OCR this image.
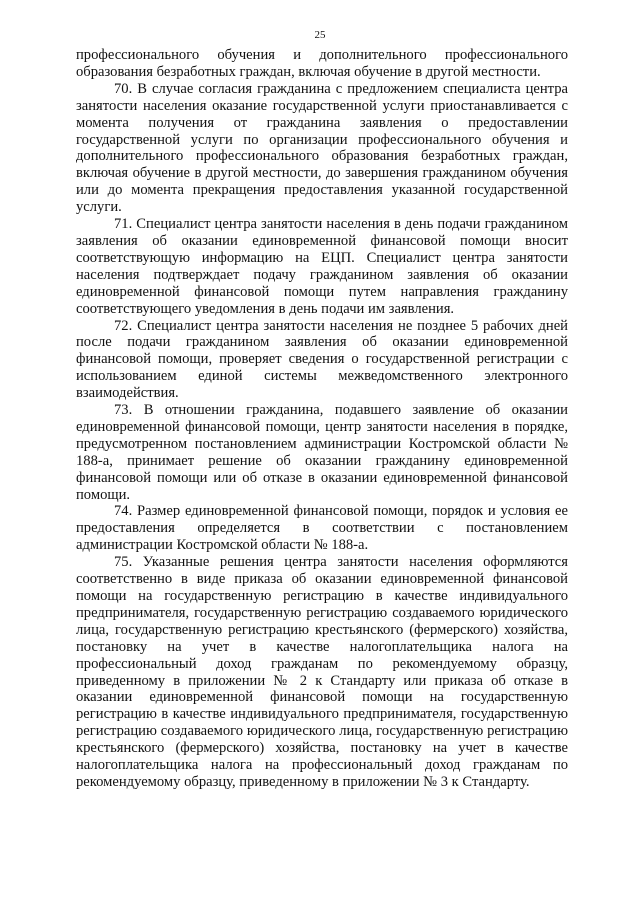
25

профессионального обучения и дополнительного профессионального образования безработных граждан, включая обучение в другой местности.

70. В случае согласия гражданина с предложением специалиста центра занятости населения оказание государственной услуги приостанавливается с момента получения от гражданина заявления о предоставлении государственной услуги по организации профессионального обучения и дополнительного профессионального образования безработных граждан, включая обучение в другой местности, до завершения гражданином обучения или до момента прекращения предоставления указанной государственной услуги.

71. Специалист центра занятости населения в день подачи гражданином заявления об оказании единовременной финансовой помощи вносит соответствующую информацию на ЕЦП. Специалист центра занятости населения подтверждает подачу гражданином заявления об оказании единовременной финансовой помощи путем направления гражданину соответствующего уведомления в день подачи им заявления.

72. Специалист центра занятости населения не позднее 5 рабочих дней после подачи гражданином заявления об оказании единовременной финансовой помощи, проверяет сведения о государственной регистрации с использованием единой системы межведомственного электронного взаимодействия.

73. В отношении гражданина, подавшего заявление об оказании единовременной финансовой помощи, центр занятости населения в порядке, предусмотренном постановлением администрации Костромской области № 188-а, принимает решение об оказании гражданину единовременной финансовой помощи или об отказе в оказании единовременной финансовой помощи.

74. Размер единовременной финансовой помощи, порядок и условия ее предоставления определяется в соответствии с постановлением администрации Костромской области № 188-а.

75. Указанные решения центра занятости населения оформляются соответственно в виде приказа об оказании единовременной финансовой помощи на государственную регистрацию в качестве индивидуального предпринимателя, государственную регистрацию создаваемого юридического лица, государственную регистрацию крестьянского (фермерского) хозяйства, постановку на учет в качестве налогоплательщика налога на профессиональный доход гражданам по рекомендуемому образцу, приведенному в приложении № 2 к Стандарту или приказа об отказе в оказании единовременной финансовой помощи на государственную регистрацию в качестве индивидуального предпринимателя, государственную регистрацию создаваемого юридического лица, государственную регистрацию крестьянского (фермерского) хозяйства, постановку на учет в качестве налогоплательщика налога на профессиональный доход гражданам по рекомендуемому образцу, приведенному в приложении № 3 к Стандарту.
